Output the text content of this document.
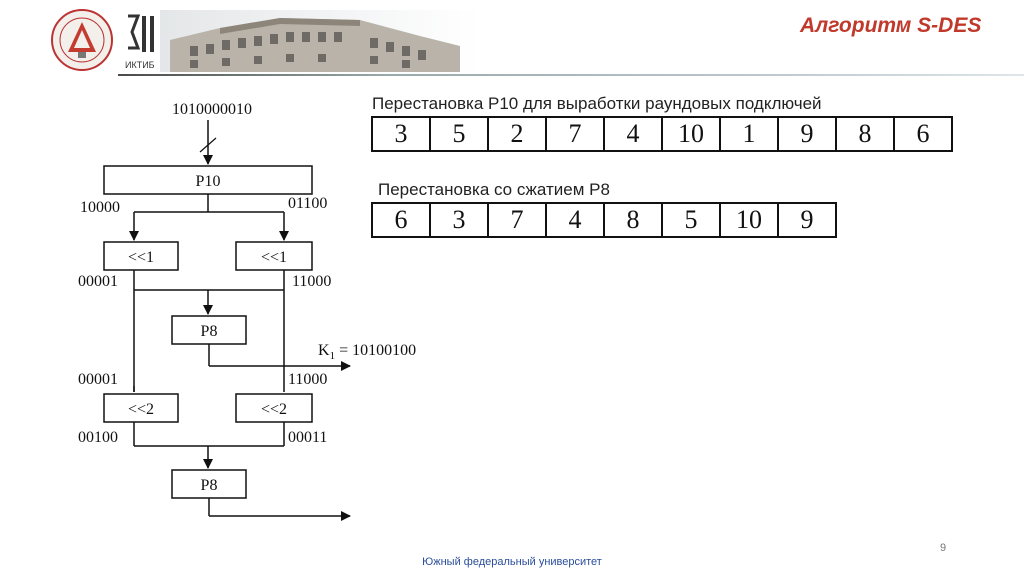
ИКТИБ
Алгоритм S-DES
1010000010
P10
10000	01100
<<1	<<1
00001	11000
P8
$K_1 = 10100100$
00001	11000
<<2	<<2
00100	00011
P8
Перестановка P10 для выработки раундовых подключей
3	5	2	7	4	10	1	9	8	6
Перестановка со сжатием P8
6	3	7	4	8	5	10	9
9
Южный федеральный университет
